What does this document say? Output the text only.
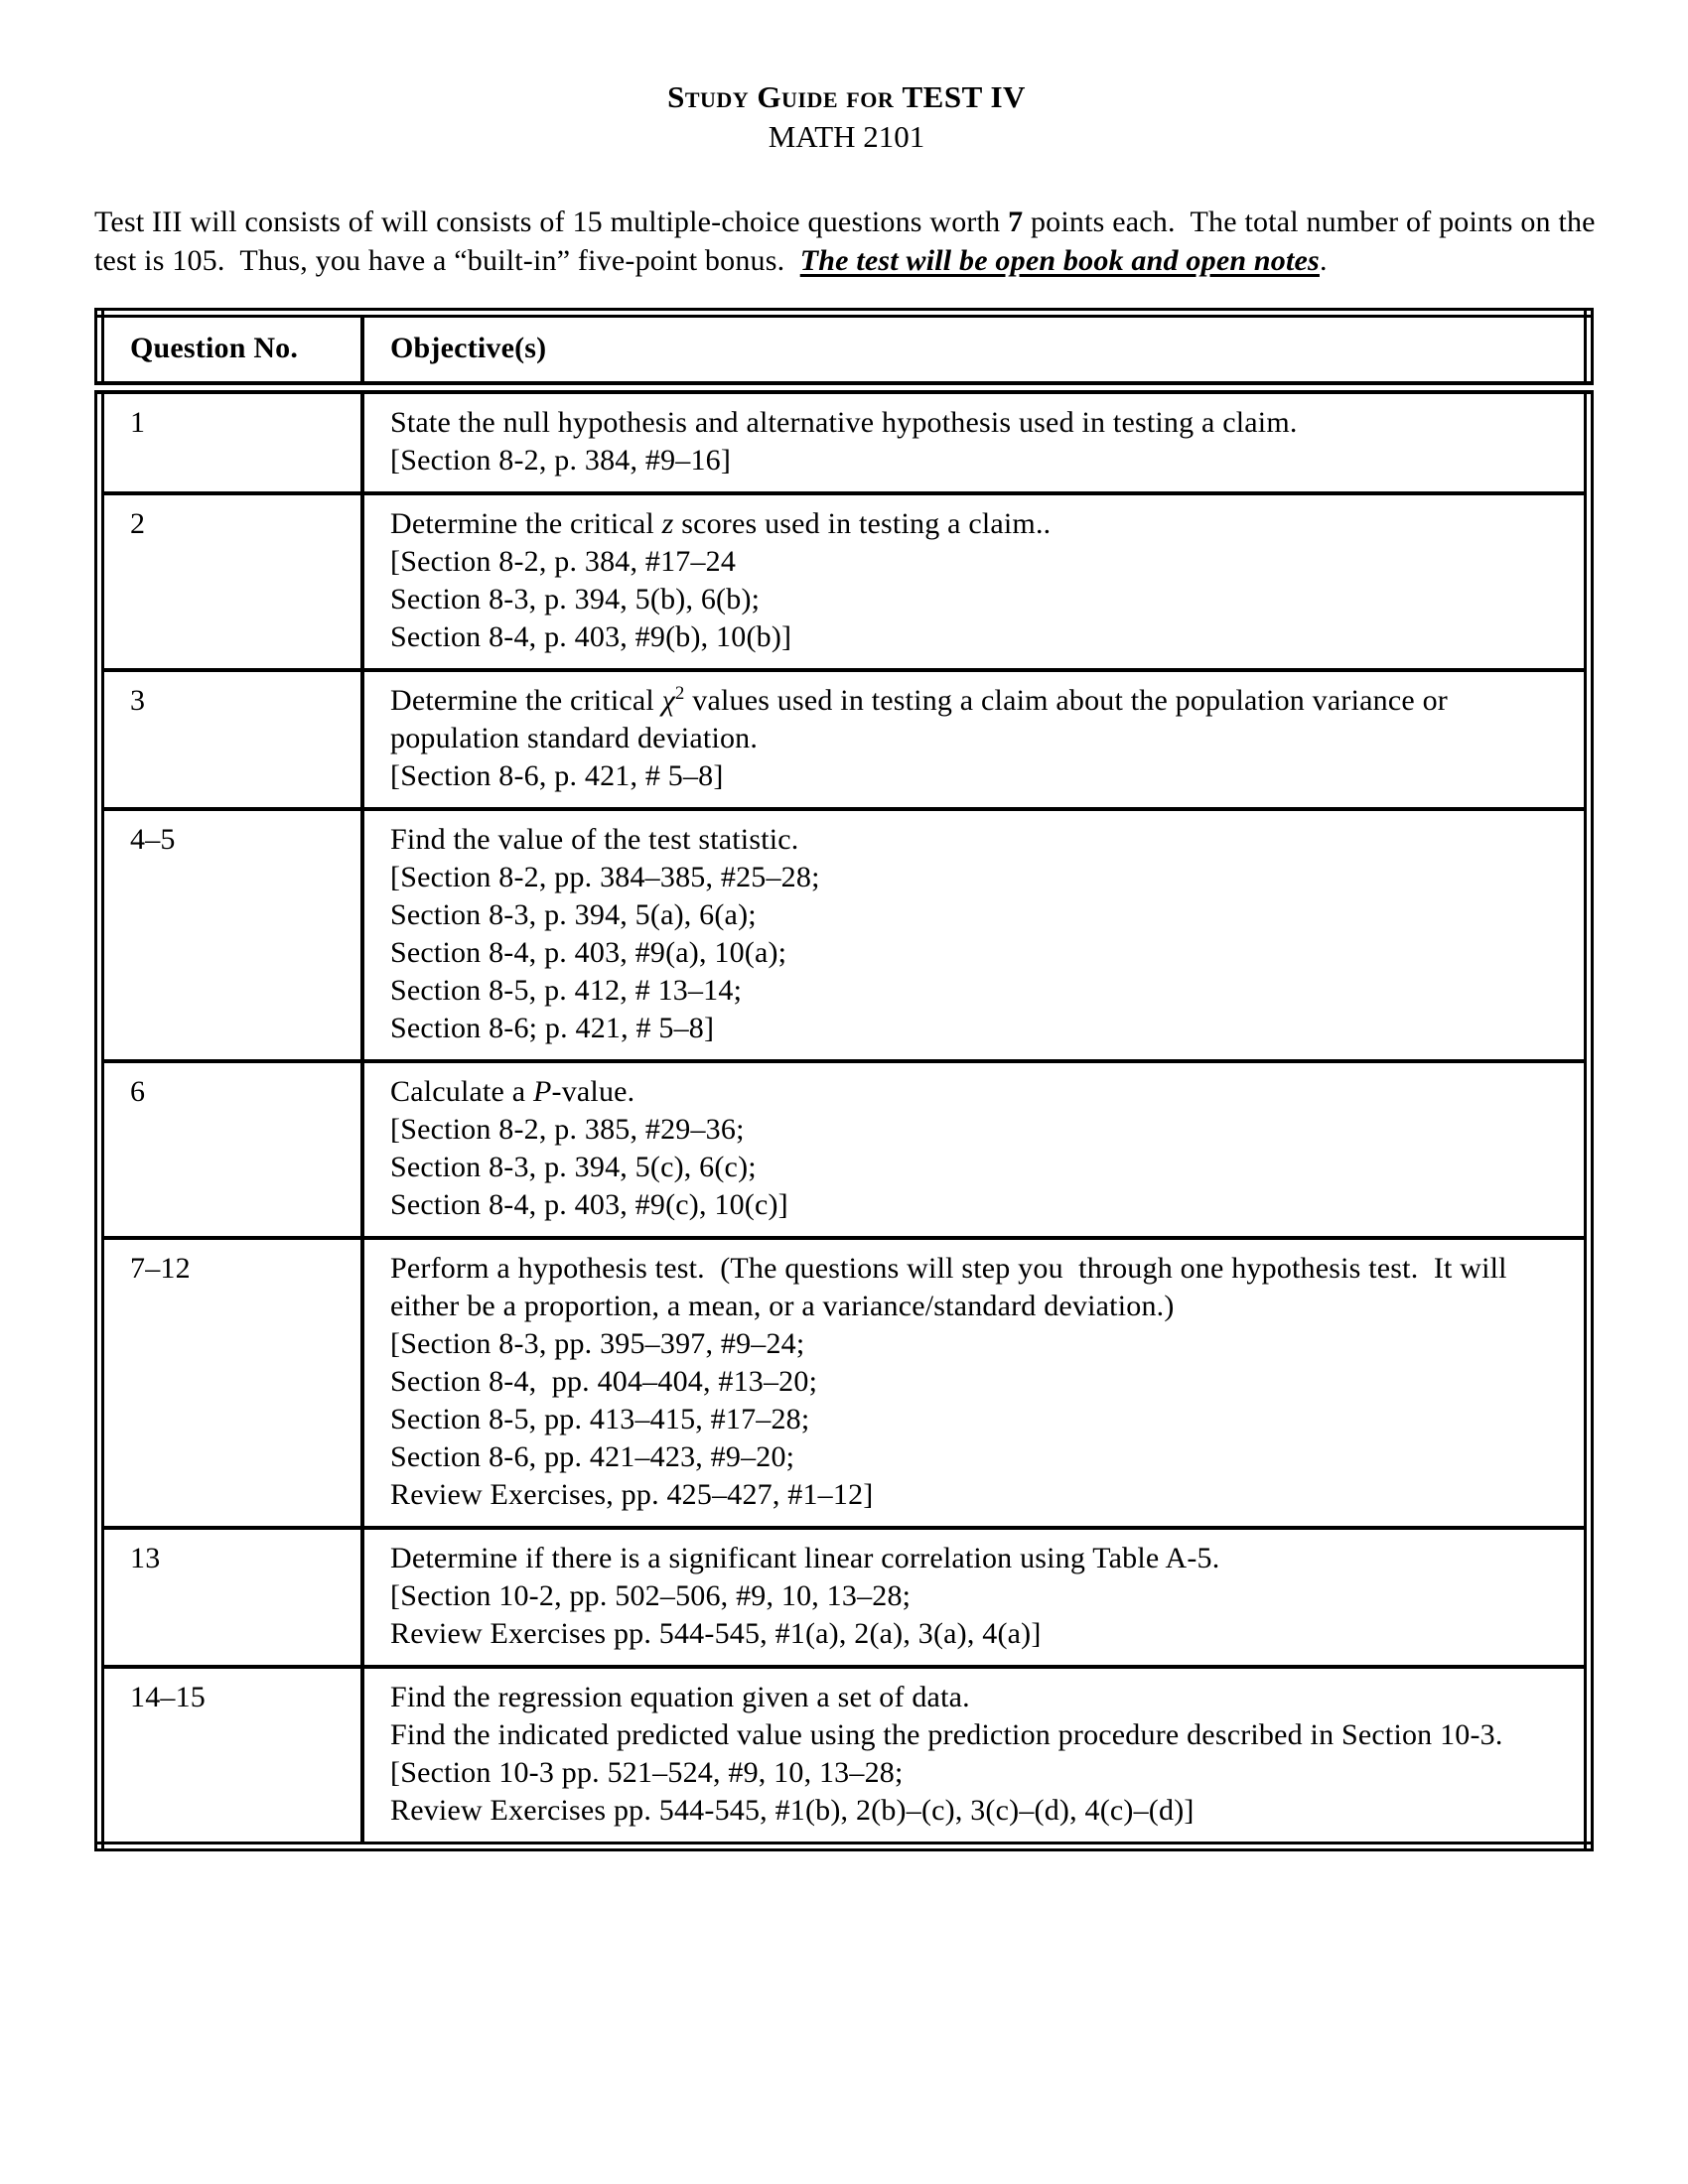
Study Guide for TEST IV
MATH 2101

Test III will consists of will consists of 15 multiple-choice questions worth 7 points each.  The total number of points on the test is 105.  Thus, you have a “built-in” five-point bonus.  The test will be open book and open notes.

Question No.	Objective(s)
1	State the null hypothesis and alternative hypothesis used in testing a claim.
[Section 8-2, p. 384, #9–16]

2	Determine the critical z scores used in testing a claim..
[Section 8-2, p. 384, #17–24
Section 8-3, p. 394, 5(b), 6(b);
Section 8-4, p. 403, #9(b), 10(b)]

3	Determine the critical $\chi^2$ values used in testing a claim about the population variance or population standard deviation.
[Section 8-6, p. 421, # 5–8]

4–5	Find the value of the test statistic.
[Section 8-2, pp. 384–385, #25–28;
Section 8-3, p. 394, 5(a), 6(a);
Section 8-4, p. 403, #9(a), 10(a);
Section 8-5, p. 412, # 13–14;
Section 8-6; p. 421, # 5–8]

6	Calculate a P-value.
[Section 8-2, p. 385, #29–36;
Section 8-3, p. 394, 5(c), 6(c);
Section 8-4, p. 403, #9(c), 10(c)]

7–12	Perform a hypothesis test.  (The questions will step you  through one hypothesis test.  It will either be a proportion, a mean, or a variance/standard deviation.)
[Section 8-3, pp. 395–397, #9–24;
Section 8-4,  pp. 404–404, #13–20;
Section 8-5, pp. 413–415, #17–28;
Section 8-6, pp. 421–423, #9–20;
Review Exercises, pp. 425–427, #1–12]

13	Determine if there is a significant linear correlation using Table A-5.
[Section 10-2, pp. 502–506, #9, 10, 13–28;
Review Exercises pp. 544-545, #1(a), 2(a), 3(a), 4(a)]

14–15	Find the regression equation given a set of data.
Find the indicated predicted value using the prediction procedure described in Section 10-3.
[Section 10-3 pp. 521–524, #9, 10, 13–28;
Review Exercises pp. 544-545, #1(b), 2(b)–(c), 3(c)–(d), 4(c)–(d)]
